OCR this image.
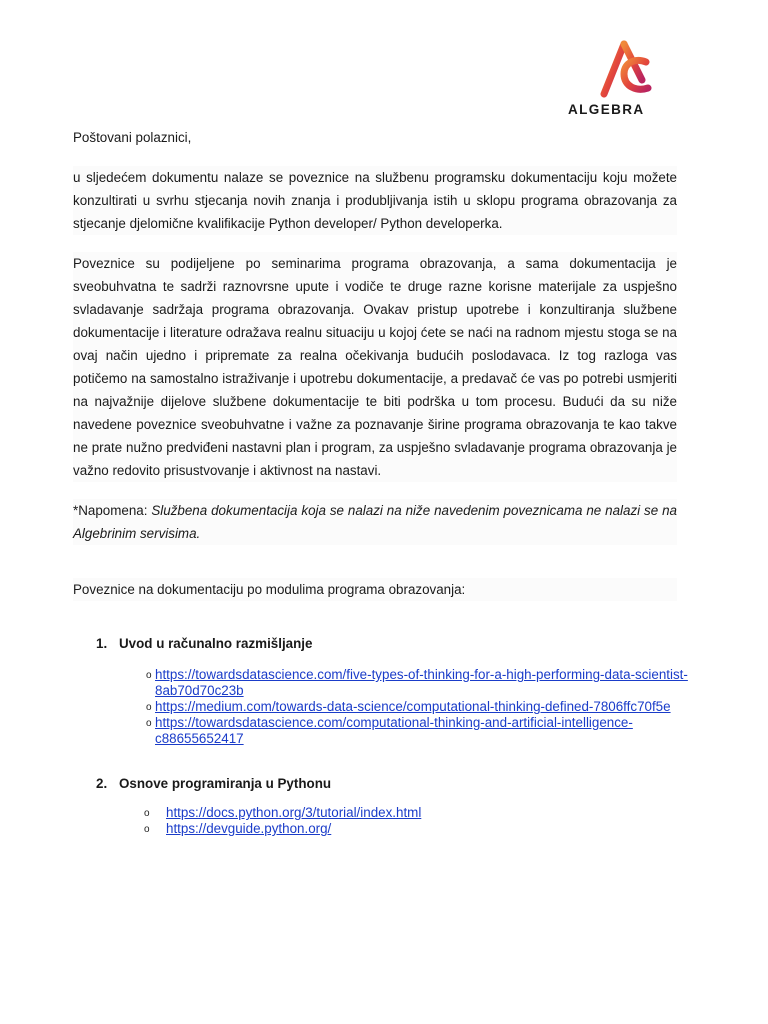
ALGEBRA
Poštovani polaznici,
u sljedećem dokumentu nalaze se poveznice na službenu programsku dokumentaciju koju možete konzultirati u svrhu stjecanja novih znanja i produbljivanja istih u sklopu programa obrazovanja za stjecanje djelomične kvalifikacije Python developer/ Python developerka.
Poveznice su podijeljene po seminarima programa obrazovanja, a sama dokumentacija je sveobuhvatna te sadrži raznovrsne upute i vodiče te druge razne korisne materijale za uspješno svladavanje sadržaja programa obrazovanja. Ovakav pristup upotrebe i konzultiranja službene dokumentacije i literature odražava realnu situaciju u kojoj ćete se naći na radnom mjestu stoga se na ovaj način ujedno i pripremate za realna očekivanja budućih poslodavaca. Iz tog razloga vas potičemo na samostalno istraživanje i upotrebu dokumentacije, a predavač će vas po potrebi usmjeriti na najvažnije dijelove službene dokumentacije te biti podrška u tom procesu. Budući da su niže navedene poveznice sveobuhvatne i važne za poznavanje širine programa obrazovanja te kao takve ne prate nužno predviđeni nastavni plan i program, za uspješno svladavanje programa obrazovanja je važno redovito prisustvovanje i aktivnost na nastavi.
*Napomena: Službena dokumentacija koja se nalazi na niže navedenim poveznicama ne nalazi se na Algebrinim servisima.
Poveznice na dokumentaciju po modulima programa obrazovanja:
1. Uvod u računalno razmišljanje
o https://towardsdatascience.com/five-types-of-thinking-for-a-high-performing-data-scientist-8ab70d70c23b
o https://medium.com/towards-data-science/computational-thinking-defined-7806ffc70f5e
o https://towardsdatascience.com/computational-thinking-and-artificial-intelligence-c88655652417
2. Osnove programiranja u Pythonu
o https://docs.python.org/3/tutorial/index.html
o https://devguide.python.org/
